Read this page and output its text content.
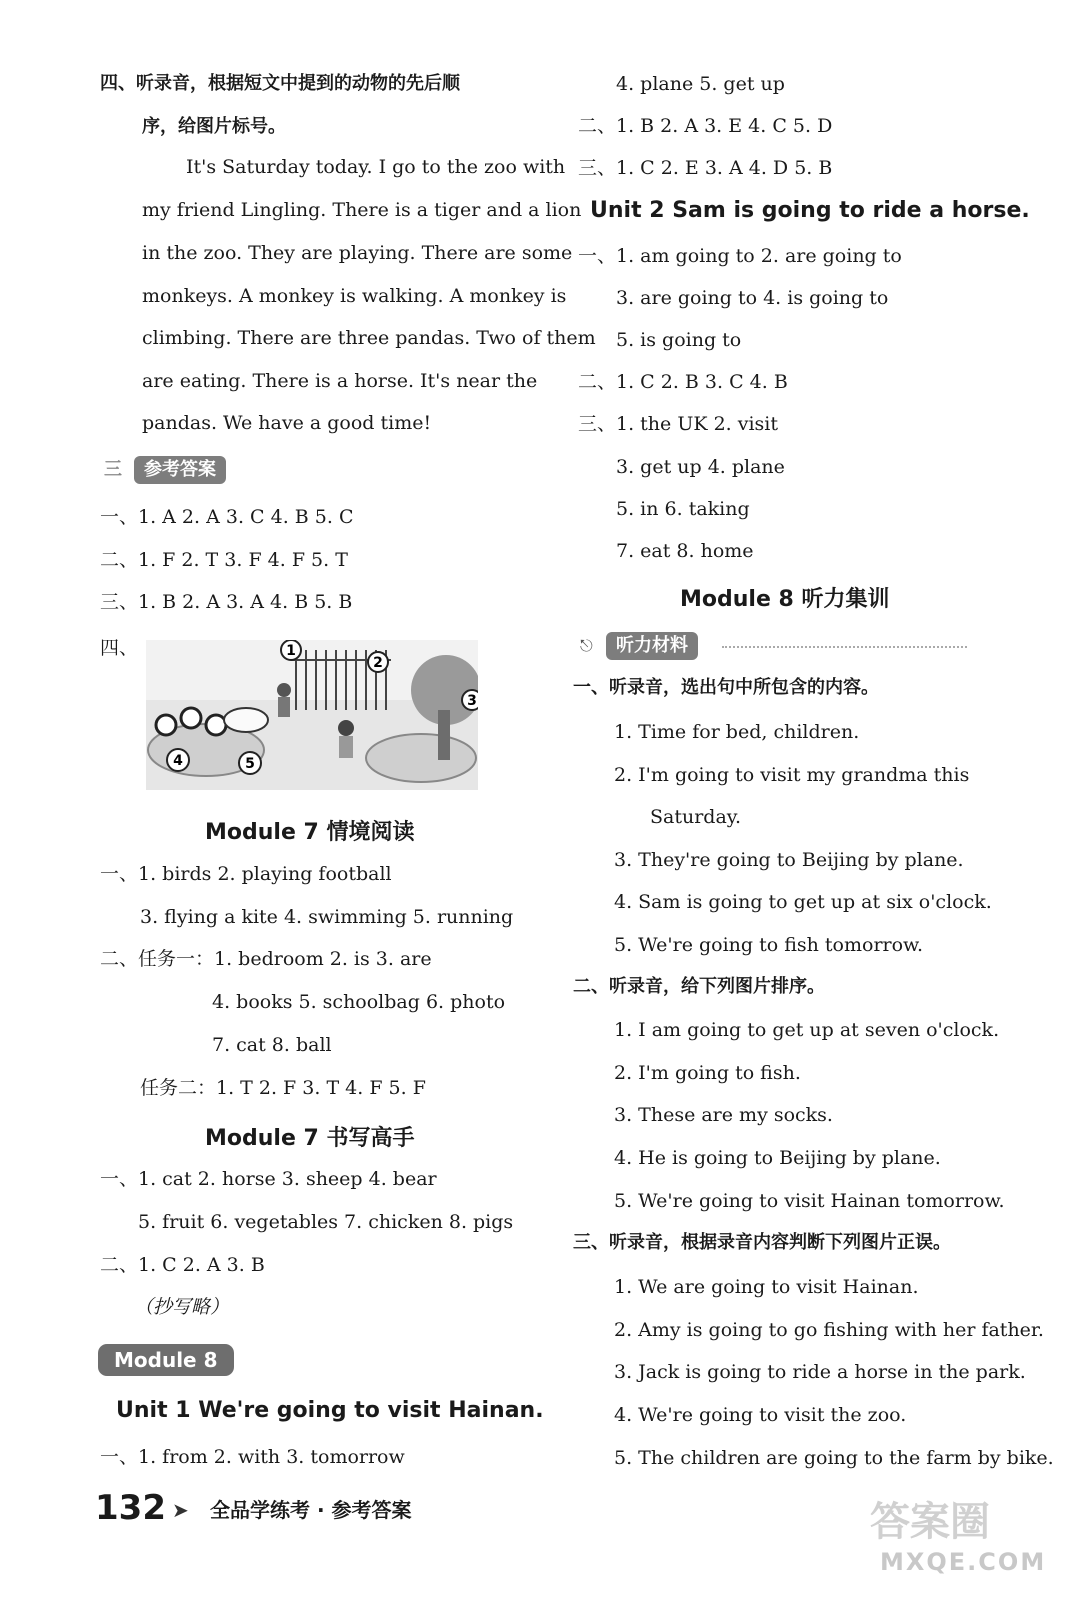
四、听录音，根据短文中提到的动物的先后顺
序，给图片标号。
It's Saturday today. I go to the zoo with
my friend Lingling. There is a tiger and a lion
in the zoo. They are playing. There are some
monkeys. A monkey is walking. A monkey is
climbing. There are three pandas. Two of them
are eating. There is a horse. It's near the
pandas. We have a good time!
三	参考答案
一、1. A 2. A 3. C 4. B 5. C
二、1. F 2. T 3. F 4. F 5. T
三、1. B 2. A 3. A 4. B 5. B
四、	1
2
3
4	5
Module 7 情境阅读
一、1. birds 2. playing football
3. flying a kite 4. swimming 5. running
二、任务一：1. bedroom 2. is 3. are
4. books 5. schoolbag 6. photo
7. cat 8. ball
任务二：1. T 2. F 3. T 4. F 5. F
Module 7 书写高手
一、1. cat 2. horse 3. sheep 4. bear
5. fruit 6. vegetables 7. chicken 8. pigs
二、1. C 2. A 3. B
（抄写略）
Module 8
Unit 1 We're going to visit Hainan.
一、1. from 2. with 3. tomorrow
4. plane 5. get up
二、1. B 2. A 3. E 4. C 5. D
三、1. C 2. E 3. A 4. D 5. B
Unit 2 Sam is going to ride a horse.
一、1. am going to 2. are going to
3. are going to 4. is going to
5. is going to
二、1. C 2. B 3. C 4. B
三、1. the UK 2. visit
3. get up 4. plane
5. in 6. taking
7. eat 8. home
Module 8 听力集训
⎋	听力材料
一、听录音，选出句中所包含的内容。
1. Time for bed, children.
2. I'm going to visit my grandma this
Saturday.
3. They're going to Beijing by plane.
4. Sam is going to get up at six o'clock.
5. We're going to fish tomorrow.
二、听录音，给下列图片排序。
1. I am going to get up at seven o'clock.
2. I'm going to fish.
3. These are my socks.
4. He is going to Beijing by plane.
5. We're going to visit Hainan tomorrow.
三、听录音，根据录音内容判断下列图片正误。
1. We are going to visit Hainan.
2. Amy is going to go fishing with her father.
3. Jack is going to ride a horse in the park.
4. We're going to visit the zoo.
5. The children are going to the farm by bike.
132 ➤ 全品学练考 · 参考答案	答案圈
MXQE.COM
